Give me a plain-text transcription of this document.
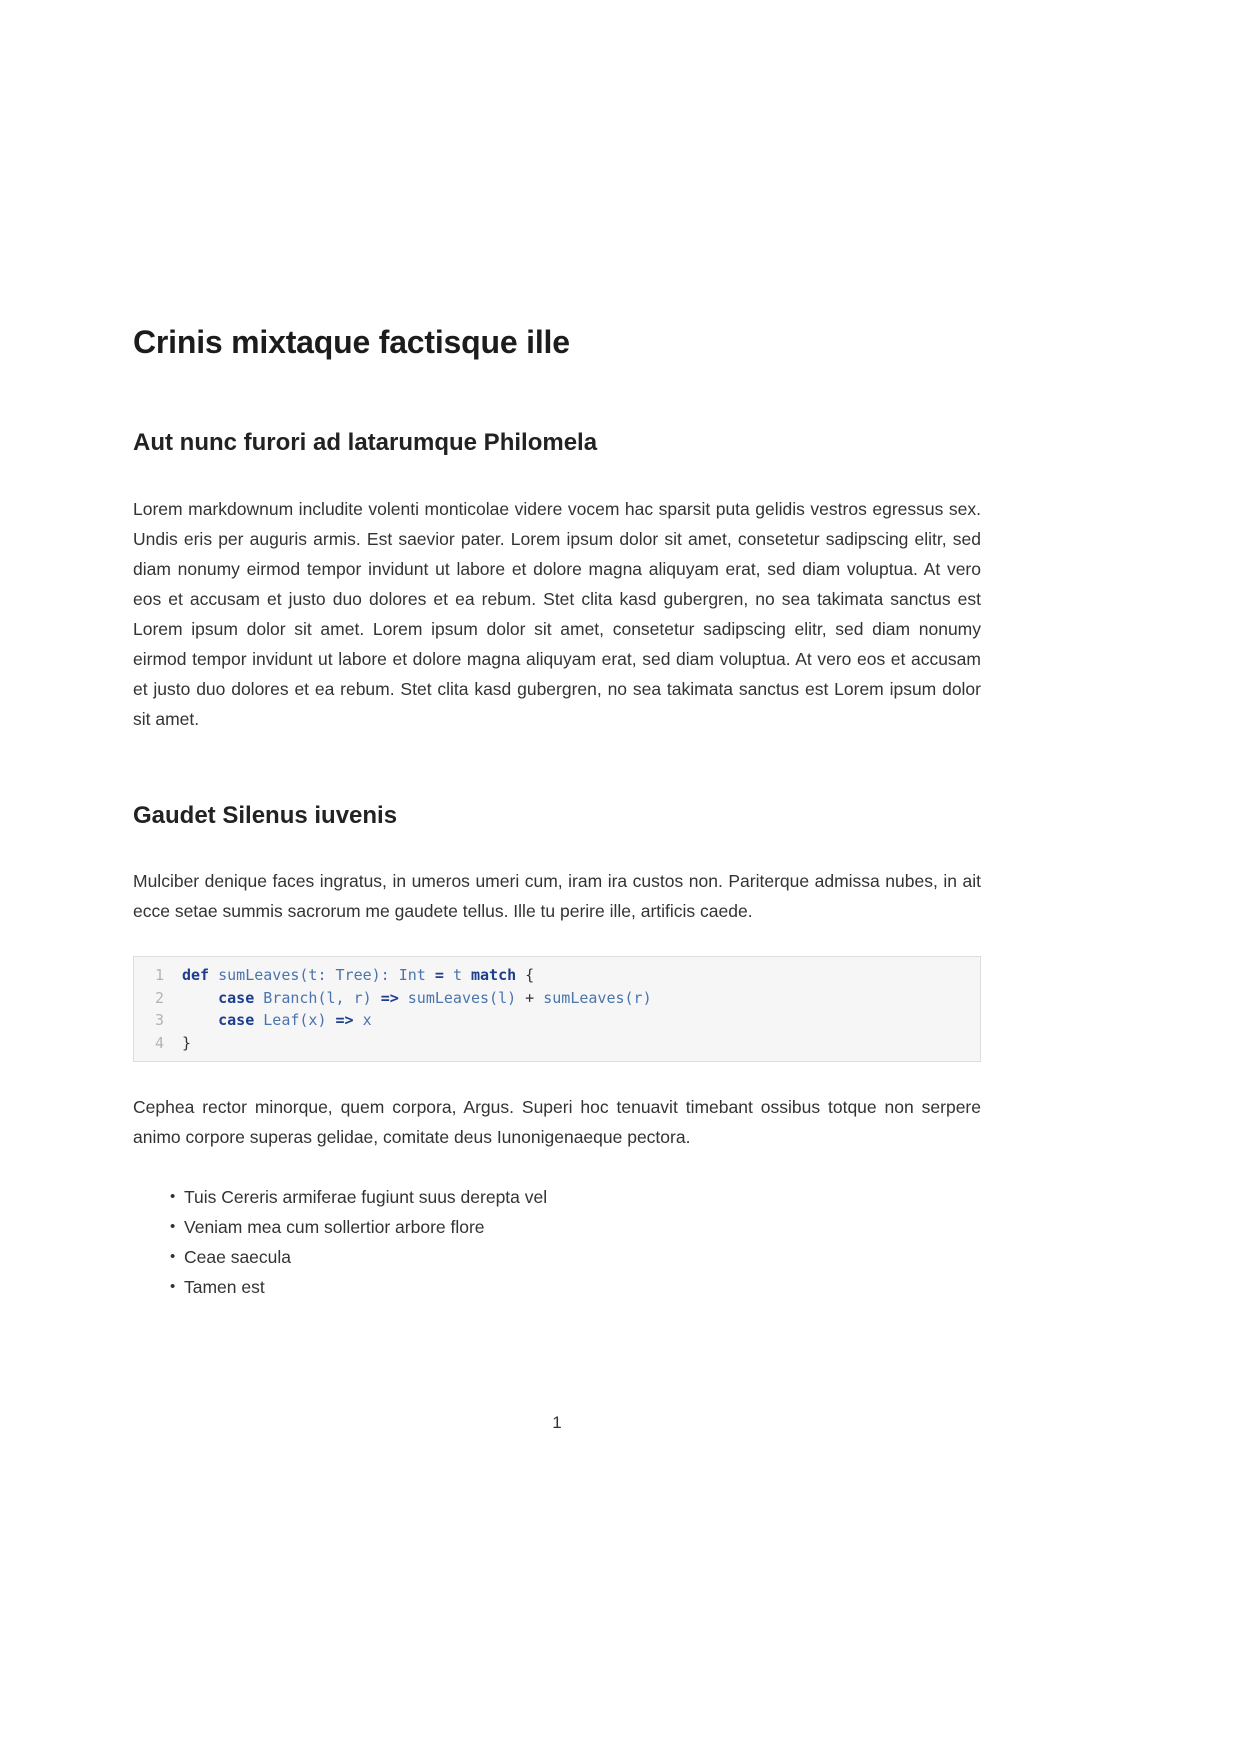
Crinis mixtaque factisque ille
Aut nunc furori ad latarumque Philomela

Lorem markdownum includite volenti monticolae videre vocem hac sparsit puta gelidis vestros egressus sex. Undis eris per auguris armis. Est saevior pater. Lorem ipsum dolor sit amet, consetetur sadipscing elitr, sed diam nonumy eirmod tempor invidunt ut labore et dolore magna aliquyam erat, sed diam voluptua. At vero eos et accusam et justo duo dolores et ea rebum. Stet clita kasd gubergren, no sea takimata sanctus est Lorem ipsum dolor sit amet. Lorem ipsum dolor sit amet, consetetur sadipscing elitr, sed diam nonumy eirmod tempor invidunt ut labore et dolore magna aliquyam erat, sed diam voluptua. At vero eos et accusam et justo duo dolores et ea rebum. Stet clita kasd gubergren, no sea takimata sanctus est Lorem ipsum dolor sit amet.

Gaudet Silenus iuvenis

Mulciber denique faces ingratus, in umeros umeri cum, iram ira custos non. Pariterque admissa nubes, in ait ecce setae summis sacrorum me gaudete tellus. Ille tu perire ille, artificis caede.

1	def sumLeaves(t: Tree): Int = t match {
2	case Branch(l, r) => sumLeaves(l) + sumLeaves(r)
3	case Leaf(x) => x
4	}

Cephea rector minorque, quem corpora, Argus. Superi hoc tenuavit timebant ossibus totque non serpere animo corpore superas gelidae, comitate deus Iunonigenaeque pectora.

• Tuis Cereris armiferae fugiunt suus derepta vel
• Veniam mea cum sollertior arbore flore
• Ceae saecula
• Tamen est
1
